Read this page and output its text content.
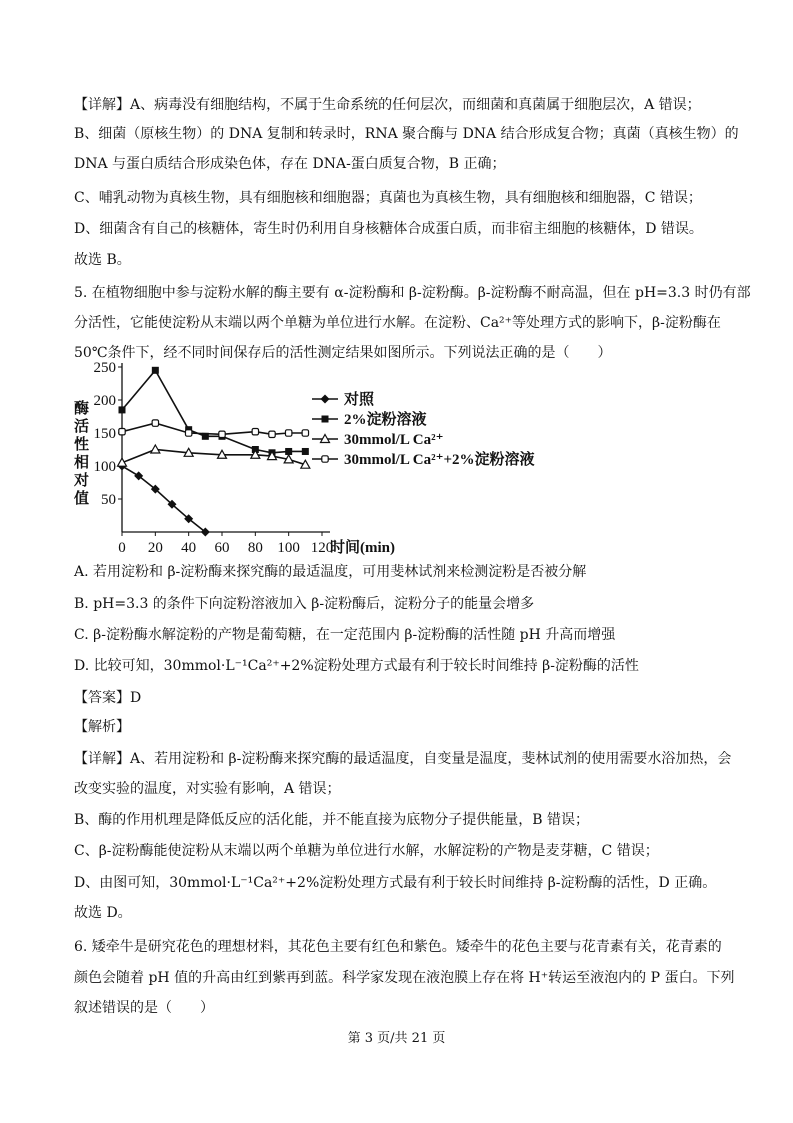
【详解】A、病毒没有细胞结构，不属于生命系统的任何层次，而细菌和真菌属于细胞层次，A 错误；
B、细菌（原核生物）的 DNA 复制和转录时，RNA 聚合酶与 DNA 结合形成复合物；真菌（真核生物）的
DNA 与蛋白质结合形成染色体，存在 DNA-蛋白质复合物，B 正确；
C、哺乳动物为真核生物，具有细胞核和细胞器；真菌也为真核生物，具有细胞核和细胞器，C 错误；
D、细菌含有自己的核糖体，寄生时仍利用自身核糖体合成蛋白质，而非宿主细胞的核糖体，D 错误。
故选 B。
5. 在植物细胞中参与淀粉水解的酶主要有 α-淀粉酶和 β-淀粉酶。β-淀粉酶不耐高温，但在 pH=3.3 时仍有部
分活性，它能使淀粉从末端以两个单糖为单位进行水解。在淀粉、Ca²⁺等处理方式的影响下，β-淀粉酶在
50℃条件下，经不同时间保存后的活性测定结果如图所示。下列说法正确的是（　　）
A. 若用淀粉和 β-淀粉酶来探究酶的最适温度，可用斐林试剂来检测淀粉是否被分解
B. pH=3.3 的条件下向淀粉溶液加入 β-淀粉酶后，淀粉分子的能量会增多
C. β-淀粉酶水解淀粉的产物是葡萄糖，在一定范围内 β-淀粉酶的活性随 pH 升高而增强
D. 比较可知，30mmol·L⁻¹Ca²⁺+2%淀粉处理方式最有利于较长时间维持 β-淀粉酶的活性
【答案】D
【解析】
【详解】A、若用淀粉和 β-淀粉酶来探究酶的最适温度，自变量是温度，斐林试剂的使用需要水浴加热，会
改变实验的温度，对实验有影响，A 错误；
B、酶的作用机理是降低反应的活化能，并不能直接为底物分子提供能量，B 错误；
C、β-淀粉酶能使淀粉从末端以两个单糖为单位进行水解，水解淀粉的产物是麦芽糖，C 错误；
D、由图可知，30mmol·L⁻¹Ca²⁺+2%淀粉处理方式最有利于较长时间维持 β-淀粉酶的活性，D 正确。
故选 D。
6. 矮牵牛是研究花色的理想材料，其花色主要有红色和紫色。矮牵牛的花色主要与花青素有关，花青素的
颜色会随着 pH 值的升高由红到紫再到蓝。科学家发现在液泡膜上存在将 H⁺转运至液泡内的 P 蛋白。下列
叙述错误的是（　　）
50
100
150
200
250
0 20 40 60 80 100 120
时间(min)
酶活性相对值	对照
2%淀粉溶液
30mmol/L Ca²⁺
30mmol/L Ca²⁺+2%淀粉溶液
第 3 页/共 21 页
